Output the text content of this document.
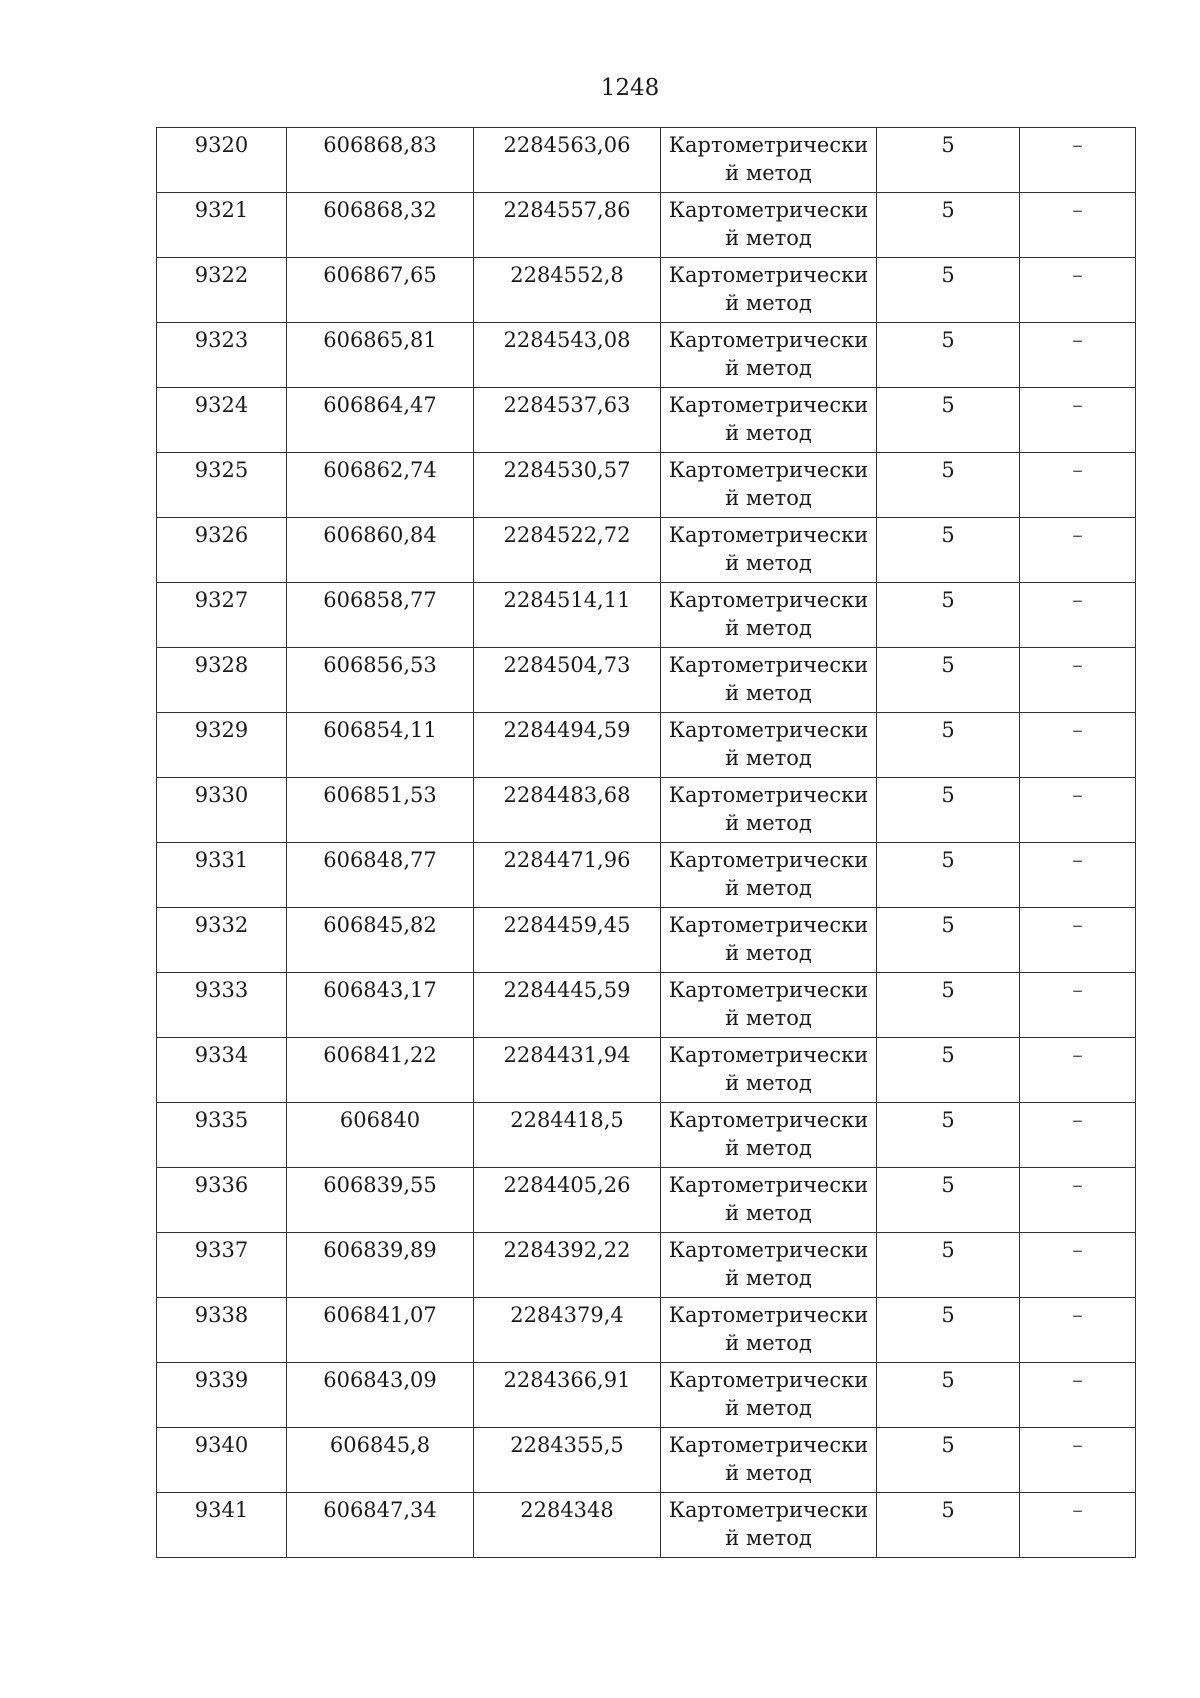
1248
9320	606868,83	2284563,06	Картометрически
й метод	5	–

9321	606868,32	2284557,86	Картометрически
й метод	5	–

9322	606867,65	2284552,8	Картометрически
й метод	5	–

9323	606865,81	2284543,08	Картометрически
й метод	5	–

9324	606864,47	2284537,63	Картометрически
й метод	5	–

9325	606862,74	2284530,57	Картометрически
й метод	5	–

9326	606860,84	2284522,72	Картометрически
й метод	5	–

9327	606858,77	2284514,11	Картометрически
й метод	5	–

9328	606856,53	2284504,73	Картометрически
й метод	5	–

9329	606854,11	2284494,59	Картометрически
й метод	5	–

9330	606851,53	2284483,68	Картометрически
й метод	5	–

9331	606848,77	2284471,96	Картометрически
й метод	5	–

9332	606845,82	2284459,45	Картометрически
й метод	5	–

9333	606843,17	2284445,59	Картометрически
й метод	5	–

9334	606841,22	2284431,94	Картометрически
й метод	5	–

9335	606840	2284418,5	Картометрически
й метод	5	–

9336	606839,55	2284405,26	Картометрически
й метод	5	–

9337	606839,89	2284392,22	Картометрически
й метод	5	–

9338	606841,07	2284379,4	Картометрически
й метод	5	–

9339	606843,09	2284366,91	Картометрически
й метод	5	–

9340	606845,8	2284355,5	Картометрически
й метод	5	–

9341	606847,34	2284348	Картометрически
й метод	5	–
